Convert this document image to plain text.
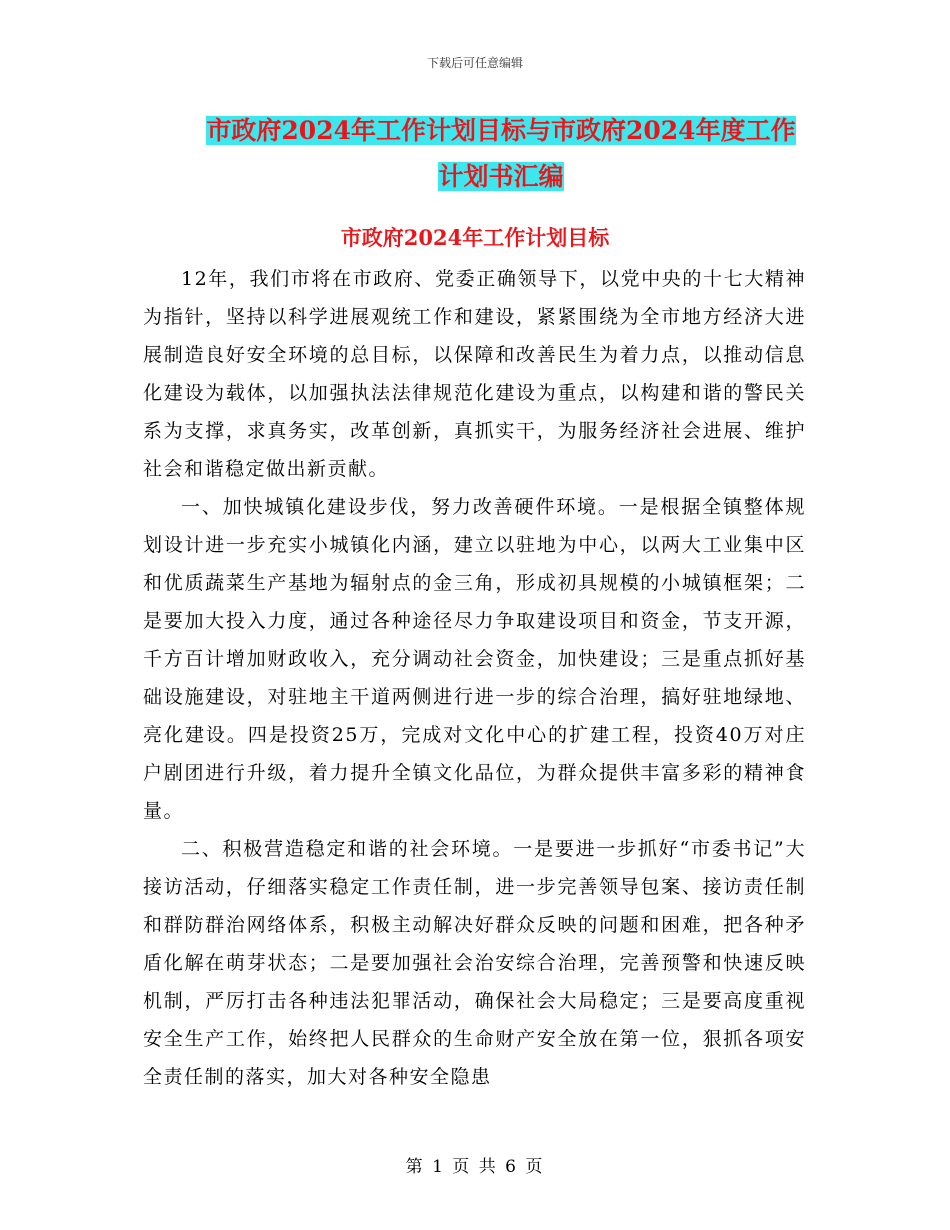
下载后可任意编辑
市政府2024年工作计划目标与市政府2024年度工作
计划书汇编
市政府2024年工作计划目标

12年，我们市将在市政府、党委正确领导下，以党中央的十七大精神为指针，坚持以科学进展观统工作和建设，紧紧围绕为全市地方经济大进展制造良好安全环境的总目标，以保障和改善民生为着力点，以推动信息化建设为载体，以加强执法法律规范化建设为重点，以构建和谐的警民关系为支撑，求真务实，改革创新，真抓实干，为服务经济社会进展、维护社会和谐稳定做出新贡献。

一、加快城镇化建设步伐，努力改善硬件环境。一是根据全镇整体规划设计进一步充实小城镇化内涵，建立以驻地为中心，以两大工业集中区和优质蔬菜生产基地为辐射点的金三角，形成初具规模的小城镇框架；二是要加大投入力度，通过各种途径尽力争取建设项目和资金，节支开源，千方百计增加财政收入，充分调动社会资金，加快建设；三是重点抓好基础设施建设，对驻地主干道两侧进行进一步的综合治理，搞好驻地绿地、亮化建设。四是投资25万，完成对文化中心的扩建工程，投资40万对庄户剧团进行升级，着力提升全镇文化品位，为群众提供丰富多彩的精神食量。

二、积极营造稳定和谐的社会环境。一是要进一步抓好“市委书记”大接访活动，仔细落实稳定工作责任制，进一步完善领导包案、接访责任制和群防群治网络体系，积极主动解决好群众反映的问题和困难，把各种矛盾化解在萌芽状态；二是要加强社会治安综合治理，完善预警和快速反映机制，严厉打击各种违法犯罪活动，确保社会大局稳定；三是要高度重视安全生产工作，始终把人民群众的生命财产安全放在第一位，狠抓各项安全责任制的落实，加大对各种安全隐患

第 1 页 共 6 页
